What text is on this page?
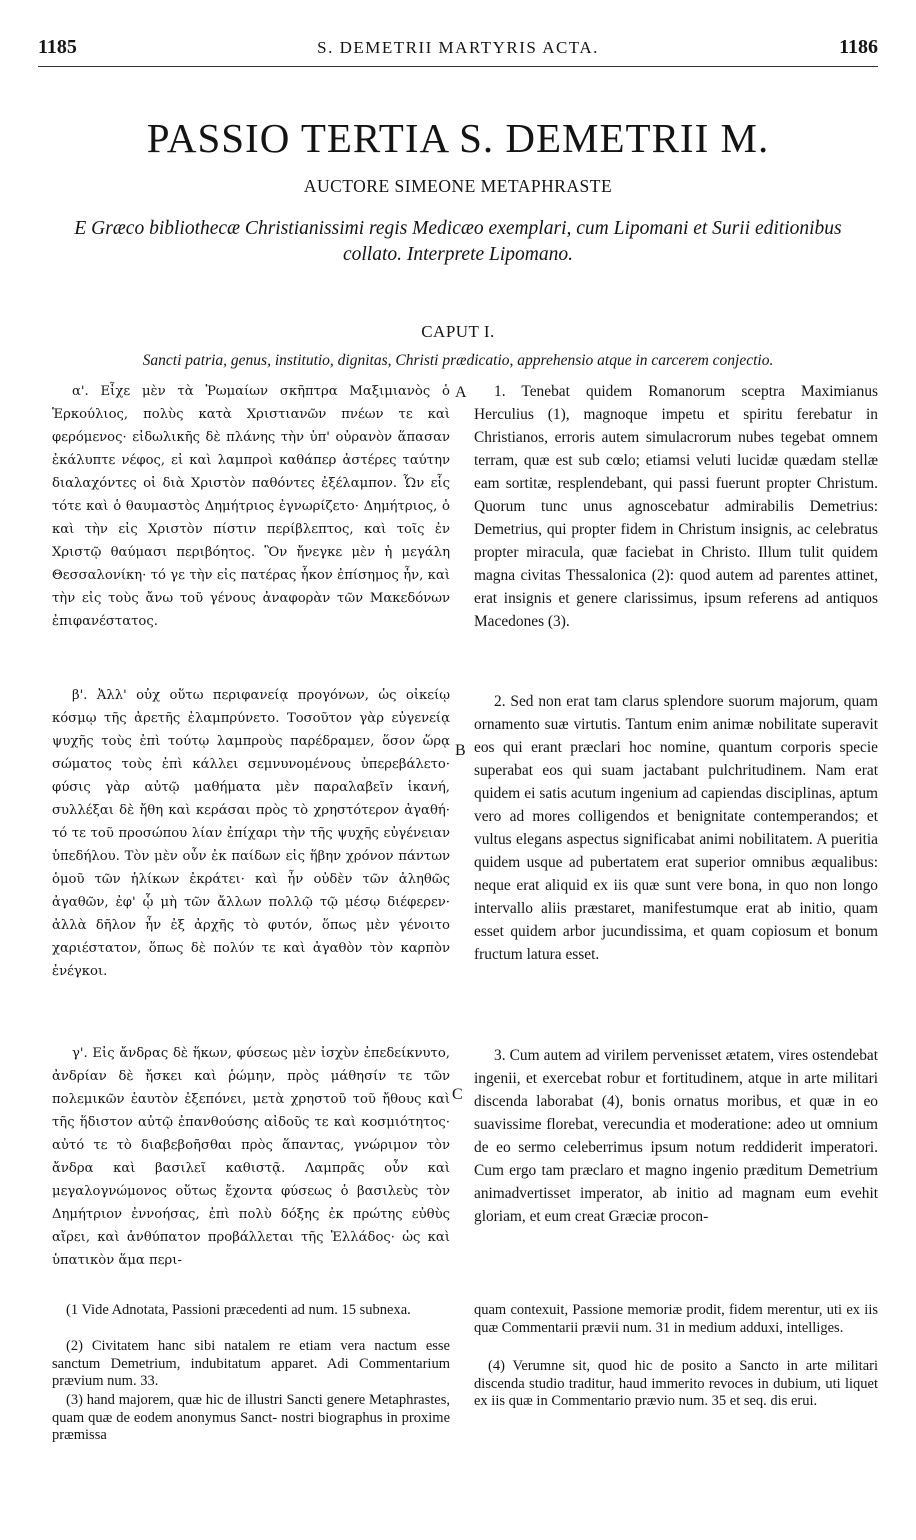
1185	S. DEMETRII MARTYRIS ACTA.	1186
PASSIO TERTIA S. DEMETRII M.
AUCTORE SIMEONE METAPHRASTE
E Græco bibliothecæ Christianissimi regis Medicæo exemplari, cum Lipomani et Surii editionibus collato. Interprete Lipomano.
CAPUT I.
Sancti patria, genus, institutio, dignitas, Christi prædicatio, apprehensio atque in carcerem conjectio.

α'. Εἶχε μὲν τὰ Ῥωμαίων σκῆπτρα Μαξιμιανὸς ὁ Ἑρκούλιος, πολὺς κατὰ Χριστιανῶν πνέων τε καὶ φερόμενος· εἰδωλικῆς δὲ πλάνης τὴν ὑπ' οὐρανὸν ἅπασαν ἐκάλυπτε νέφος, εἰ καὶ λαμπροὶ καθάπερ ἀστέρες ταύτην διαλαχόντες οἱ διὰ Χριστὸν παθόντες ἐξέλαμπον. Ὧν εἷς τότε καὶ ὁ θαυμαστὸς Δημήτριος ἐγνωρίζετο· Δημήτριος, ὁ καὶ τὴν εἰς Χριστὸν πίστιν περίβλεπτος, καὶ τοῖς ἐν Χριστῷ θαύμασι περιβόητος. Ὃν ἤνεγκε μὲν ἡ μεγάλη Θεσσαλονίκη· τό γε τὴν εἰς πατέρας ἧκον ἐπίσημος ἦν, καὶ τὴν εἰς τοὺς ἄνω τοῦ γένους ἀναφορὰν τῶν Μακεδόνων ἐπιφανέστατος.

β'. Ἀλλ' οὐχ οὕτω περιφανείᾳ προγόνων, ὡς οἰκείῳ κόσμῳ τῆς ἀρετῆς ἐλαμπρύνετο. Τοσοῦτον γὰρ εὐγενείᾳ ψυχῆς τοὺς ἐπὶ τούτῳ λαμπροὺς παρέδραμεν, ὅσον ὥρᾳ σώματος τοὺς ἐπὶ κάλλει σεμνυνομένους ὑπερεβάλετο· φύσις γὰρ αὐτῷ μαθήματα μὲν παραλαβεῖν ἱκανή, συλλέξαι δὲ ἤθη καὶ κεράσαι πρὸς τὸ χρηστότερον ἀγαθή· τό τε τοῦ προσώπου λίαν ἐπίχαρι τὴν τῆς ψυχῆς εὐγένειαν ὑπεδήλου. Τὸν μὲν οὖν ἐκ παίδων εἰς ἥβην χρόνον πάντων ὁμοῦ τῶν ἡλίκων ἐκράτει· καὶ ἦν οὐδὲν τῶν ἀληθῶς ἀγαθῶν, ἐφ' ᾧ μὴ τῶν ἄλλων πολλῷ τῷ μέσῳ διέφερεν· ἀλλὰ δῆλον ἦν ἐξ ἀρχῆς τὸ φυτόν, ὅπως μὲν γένοιτο χαριέστατον, ὅπως δὲ πολύν τε καὶ ἀγαθὸν τὸν καρπὸν ἐνέγκοι.

γ'. Εἰς ἄνδρας δὲ ἥκων, φύσεως μὲν ἰσχὺν ἐπεδείκνυτο, ἀνδρίαν δὲ ἤσκει καὶ ῥώμην, πρὸς μάθησίν τε τῶν πολεμικῶν ἑαυτὸν ἐξεπόνει, μετὰ χρηστοῦ τοῦ ἤθους καὶ τῆς ἥδιστον αὐτῷ ἐπανθούσης αἰδοῦς τε καὶ κοσμιότητος· αὐτό τε τὸ διαβεβοῆσθαι πρὸς ἅπαντας, γνώριμον τὸν ἄνδρα καὶ βασιλεῖ καθιστᾷ. Λαμπρᾶς οὖν καὶ μεγαλογνώμονος οὕτως ἔχοντα φύσεως ὁ βασιλεὺς τὸν Δημήτριον ἐννοήσας, ἐπὶ πολὺ δόξης ἐκ πρώτης εὐθὺς αἴρει, καὶ ἀνθύπατον προβάλλεται τῆς Ἑλλάδος· ὡς καὶ ὑπατικὸν ἅμα περι-

A
B
C

1. Tenebat quidem Romanorum sceptra Maximianus Herculius (1), magnoque impetu et spiritu ferebatur in Christianos, erroris autem simulacrorum nubes tegebat omnem terram, quæ est sub cœlo; etiamsi veluti lucidæ quædam stellæ eam sortitæ, resplendebant, qui passi fuerunt propter Christum. Quorum tunc unus agnoscebatur admirabilis Demetrius: Demetrius, qui propter fidem in Christum insignis, ac celebratus propter miracula, quæ faciebat in Christo. Illum tulit quidem magna civitas Thessalonica (2): quod autem ad parentes attinet, erat insignis et genere clarissimus, ipsum referens ad antiquos Macedones (3).

2. Sed non erat tam clarus splendore suorum majorum, quam ornamento suæ virtutis. Tantum enim animæ nobilitate superavit eos qui erant præclari hoc nomine, quantum corporis specie superabat eos qui suam jactabant pulchritudinem. Nam erat quidem ei satis acutum ingenium ad capiendas disciplinas, aptum vero ad mores colligendos et benignitate contemperandos; et vultus elegans aspectus significabat animi nobilitatem. A pueritia quidem usque ad pubertatem erat superior omnibus æqualibus: neque erat aliquid ex iis quæ sunt vere bona, in quo non longo intervallo aliis præstaret, manifestumque erat ab initio, quam esset quidem arbor jucundissima, et quam copiosum et bonum fructum latura esset.

3. Cum autem ad virilem pervenisset ætatem, vires ostendebat ingenii, et exercebat robur et fortitudinem, atque in arte militari discenda laborabat (4), bonis ornatus moribus, et quæ in eo suavissime florebat, verecundia et moderatione: adeo ut omnium de eo sermo celeberrimus ipsum notum reddiderit imperatori. Cum ergo tam præclaro et magno ingenio præditum Demetrium animadvertisset imperator, ab initio ad magnam eum evehit gloriam, et eum creat Græciæ procon-

(1 Vide Adnotata, Passioni præcedenti ad num. 15 subnexa.

(2) Civitatem hanc sibi natalem re etiam vera nactum esse sanctum Demetrium, indubitatum apparet. Adi Commentarium prævium num. 33.

(3) hand majorem, quæ hic de illustri Sancti genere Metaphrastes, quam quæ de eodem anonymus Sanct- nostri biographus in proxime præmissa

quam contexuit, Passione memoriæ prodit, fidem merentur, uti ex iis quæ Commentarii prævii num. 31 in medium adduxi, intelliges.

(4) Verumne sit, quod hic de posito a Sancto in arte militari discenda studio traditur, haud immerito revoces in dubium, uti liquet ex iis quæ in Commentario prævio num. 35 et seq. dis erui.
